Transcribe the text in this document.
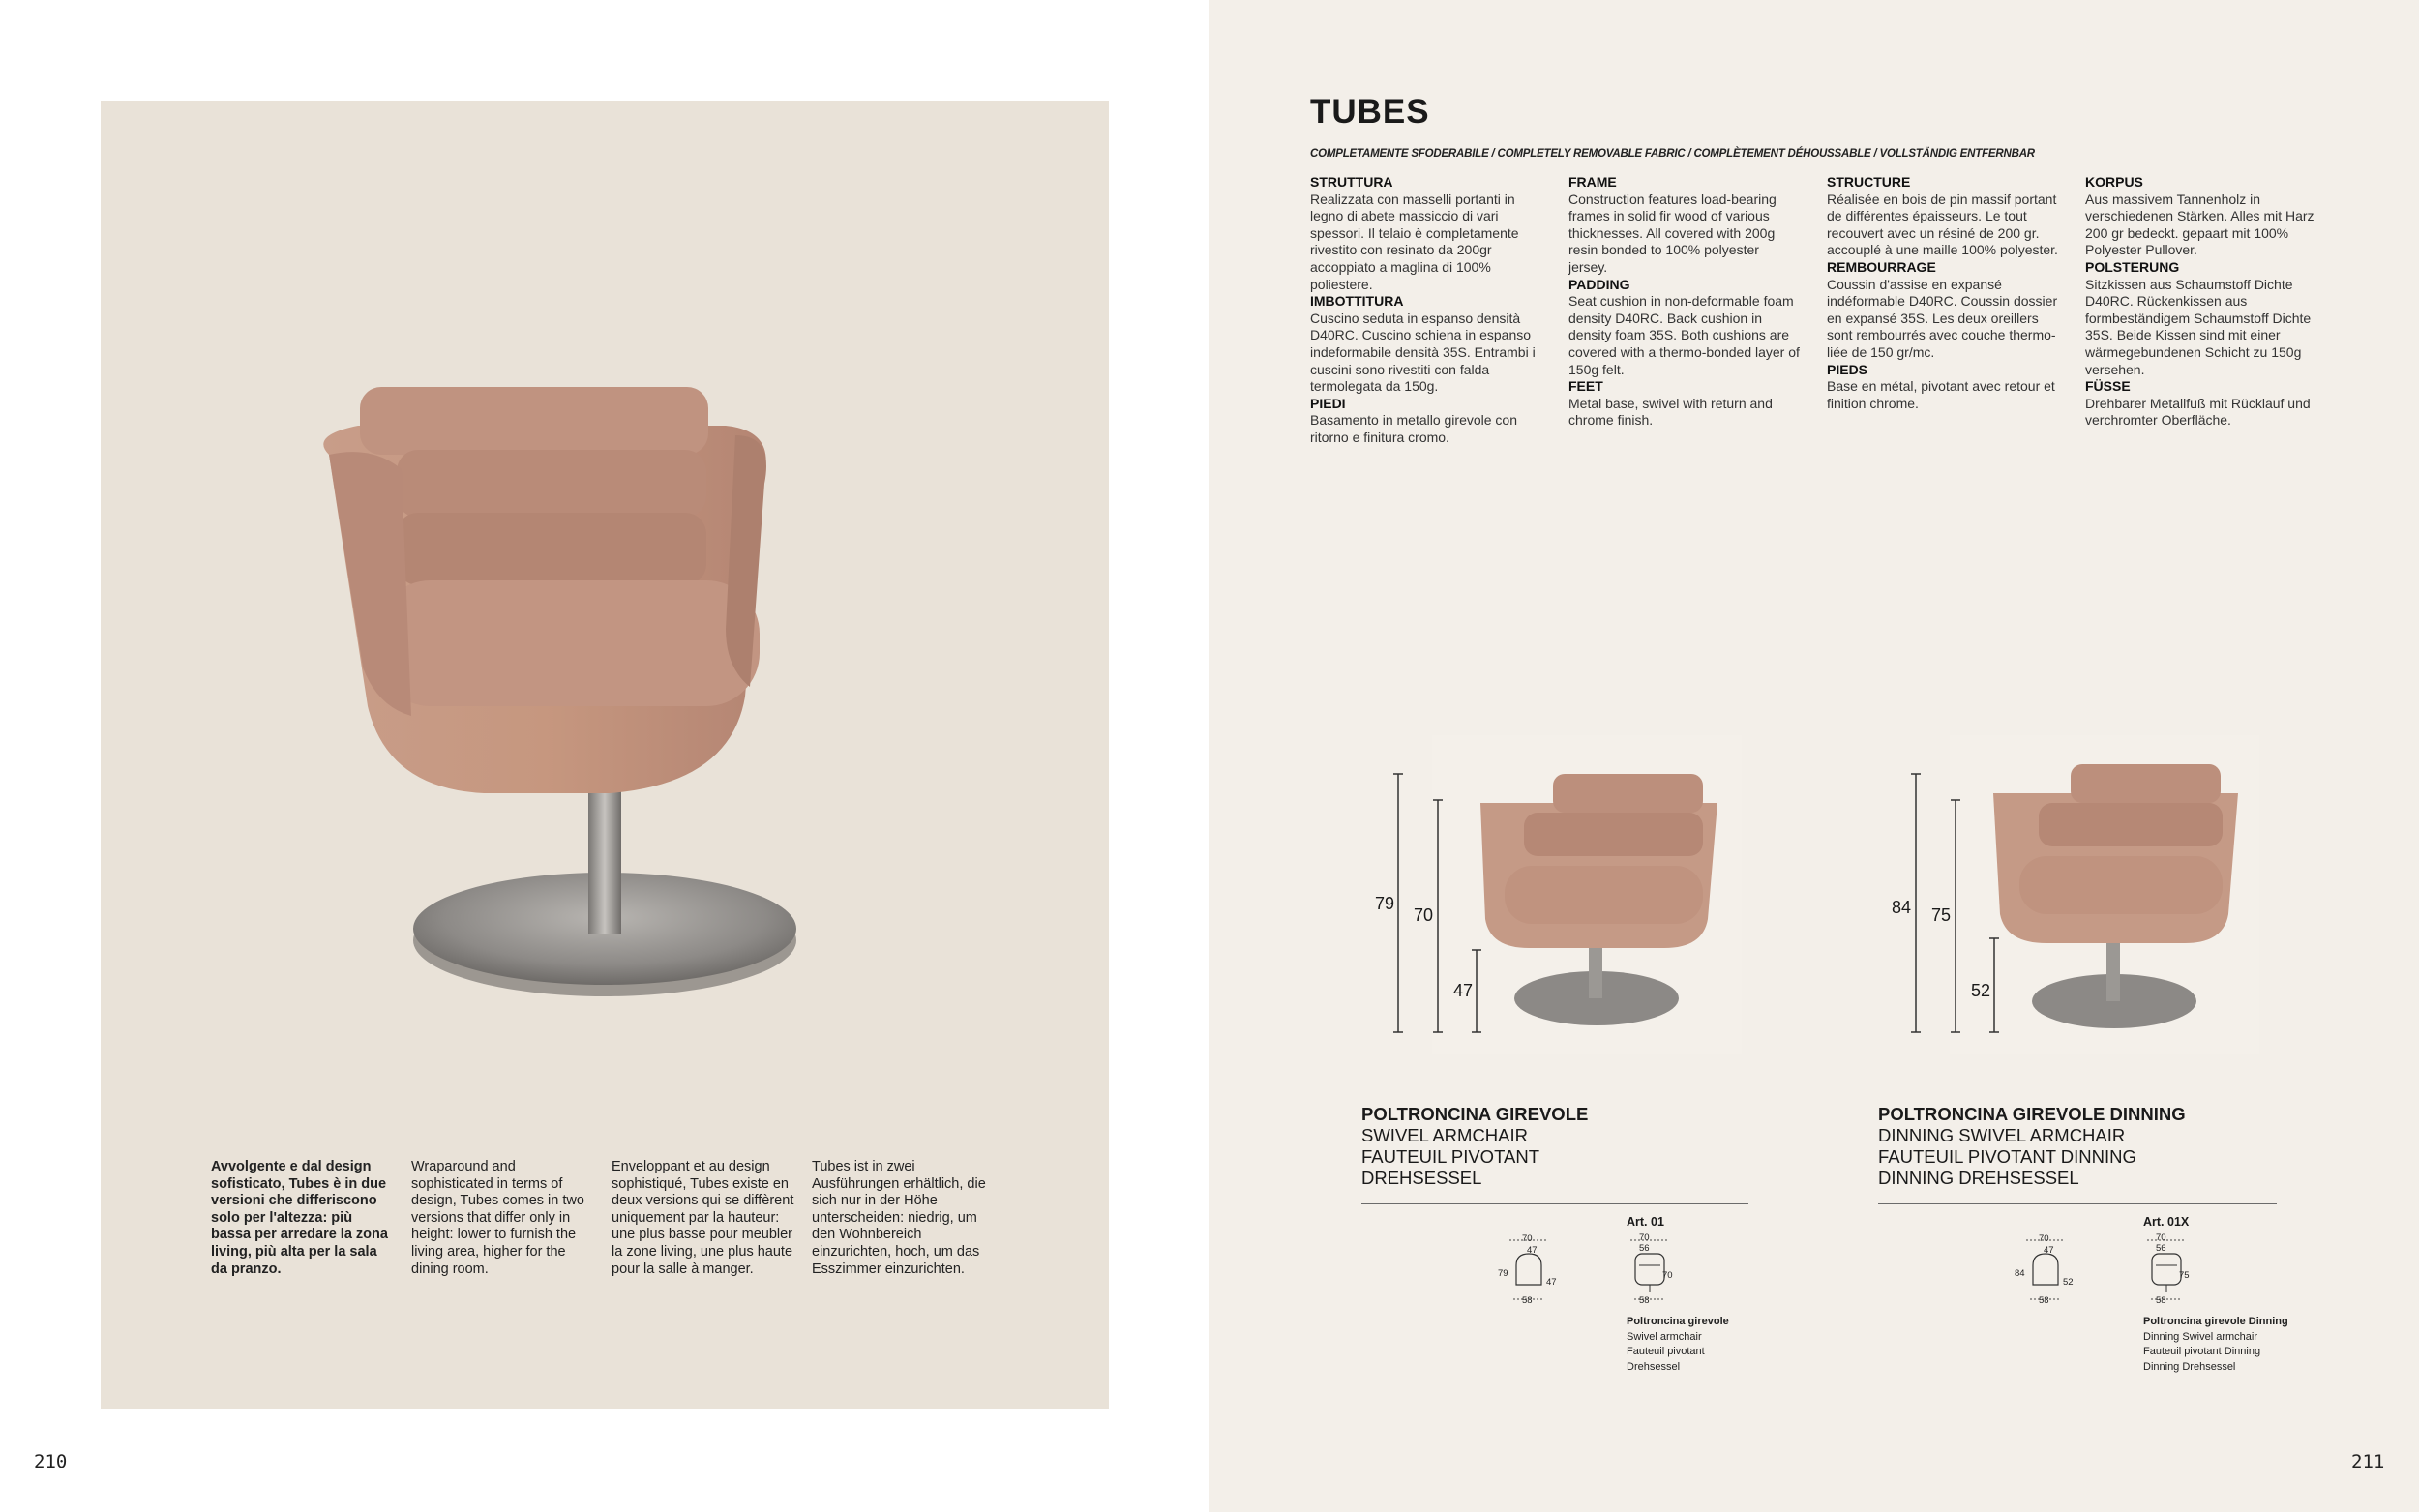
Avvolgente e dal design sofisticato, Tubes è in due versioni che differiscono solo per l'altezza: più bassa per arredare la zona living, più alta per la sala da pranzo.
Wraparound and sophisticated in terms of design, Tubes comes in two versions that differ only in height: lower to furnish the living area, higher for the dining room.
Enveloppant et au design sophistiqué, Tubes existe en deux versions qui se diffèrent uniquement par la hauteur: une plus basse pour meubler la zone living, une plus haute pour la salle à manger.
Tubes ist in zwei Ausführungen erhältlich, die sich nur in der Höhe unterscheiden: niedrig, um den Wohnbereich einzurichten, hoch, um das Esszimmer einzurichten.
210
TUBES
COMPLETAMENTE SFODERABILE / COMPLETELY REMOVABLE FABRIC / COMPLÈTEMENT DÉHOUSSABLE / VOLLSTÄNDIG ENTFERNBAR
STRUTTURA

Realizzata con masselli portanti in legno di abete massiccio di vari spessori. Il telaio è completamente rivestito con resinato da 200gr accoppiato a maglina di 100% poliestere.

IMBOTTITURA

Cuscino seduta in espanso densità D40RC. Cuscino schiena in espanso indeformabile densità 35S. Entrambi i cuscini sono rivestiti con falda termolegata da 150g.

PIEDI

Basamento in metallo girevole con ritorno e finitura cromo.

FRAME

Construction features load-bearing frames in solid fir wood of various thicknesses. All covered with 200g resin bonded to 100% polyester jersey.

PADDING

Seat cushion in non-deformable foam density D40RC. Back cushion in density foam 35S. Both cushions are covered with a thermo-bonded layer of 150g felt.

FEET

Metal base, swivel with return and chrome finish.

STRUCTURE

Réalisée en bois de pin massif portant de différentes épaisseurs. Le tout recouvert avec un résiné de 200 gr. accouplé à une maille 100% polyester.

REMBOURRAGE

Coussin d'assise en expansé indéformable D40RC. Coussin dossier en expansé 35S. Les deux oreillers sont rembourrés avec couche thermo-liée de 150 gr/mc.

PIEDS

Base en métal, pivotant avec retour et finition chrome.

KORPUS

Aus massivem Tannenholz in verschiedenen Stärken. Alles mit Harz 200 gr bedeckt. gepaart mit 100% Polyester Pullover.

POLSTERUNG

Sitzkissen aus Schaumstoff Dichte D40RC. Rückenkissen aus formbeständigem Schaumstoff Dichte 35S. Beide Kissen sind mit einer wärmegebundenen Schicht zu 150g versehen.

FÜSSE

Drehbarer Metallfuß mit Rücklauf und verchromter Oberfläche.

79
70
47
POLTRONCINA GIREVOLE
SWIVEL ARMCHAIR
FAUTEUIL PIVOTANT
DREHSESSEL
70
47
79
47
58
Art. 01
70
56
70
58
Poltroncina girevole
Swivel armchair
Fauteuil pivotant
Drehsessel
84 75
52
POLTRONCINA GIREVOLE DINNING
DINNING SWIVEL ARMCHAIR
FAUTEUIL PIVOTANT DINNING
DINNING DREHSESSEL
70
47
84
52
58
Art. 01X
70
56
75
58
Poltroncina girevole Dinning
Dinning Swivel armchair
Fauteuil pivotant Dinning
Dinning Drehsessel
211
